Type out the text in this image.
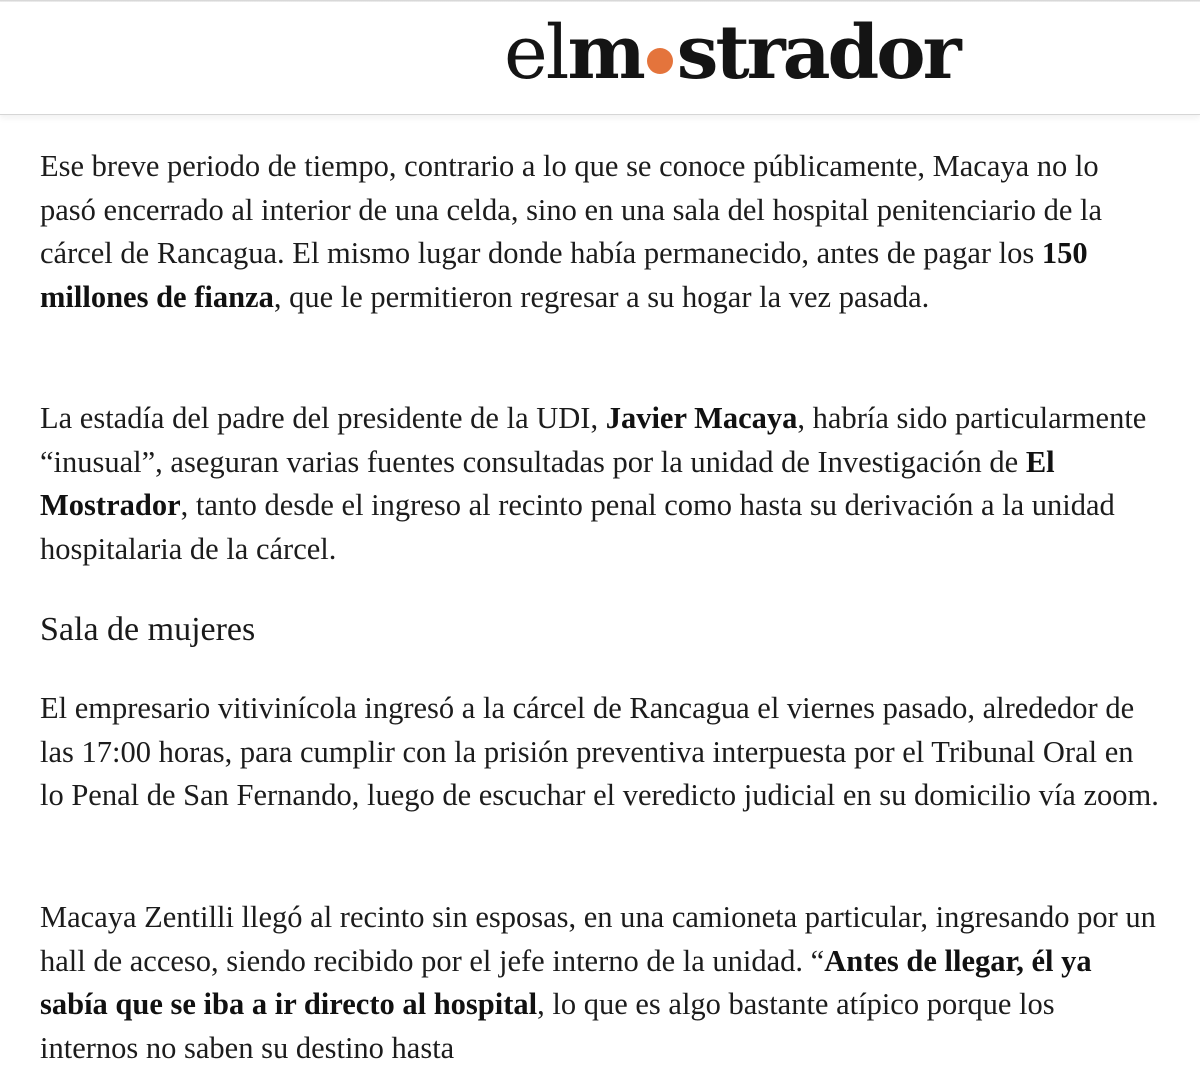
el m strador

Ese breve periodo de tiempo, contrario a lo que se conoce públicamente, Macaya no lo pasó encerrado al interior de una celda, sino en una sala del hospital penitenciario de la cárcel de Rancagua. El mismo lugar donde había permanecido, antes de pagar los 150 millones de fianza, que le permitieron regresar a su hogar la vez pasada.

La estadía del padre del presidente de la UDI, Javier Macaya, habría sido particularmente “inusual”, aseguran varias fuentes consultadas por la unidad de Investigación de El Mostrador, tanto desde el ingreso al recinto penal como hasta su derivación a la unidad hospitalaria de la cárcel.

Sala de mujeres

El empresario vitivinícola ingresó a la cárcel de Rancagua el viernes pasado, alrededor de las 17:00 horas, para cumplir con la prisión preventiva interpuesta por el Tribunal Oral en lo Penal de San Fernando, luego de escuchar el veredicto judicial en su domicilio vía zoom.

Macaya Zentilli llegó al recinto sin esposas, en una camioneta particular, ingresando por un hall de acceso, siendo recibido por el jefe interno de la unidad. “Antes de llegar, él ya sabía que se iba a ir directo al hospital, lo que es algo bastante atípico porque los internos no saben su destino hasta
